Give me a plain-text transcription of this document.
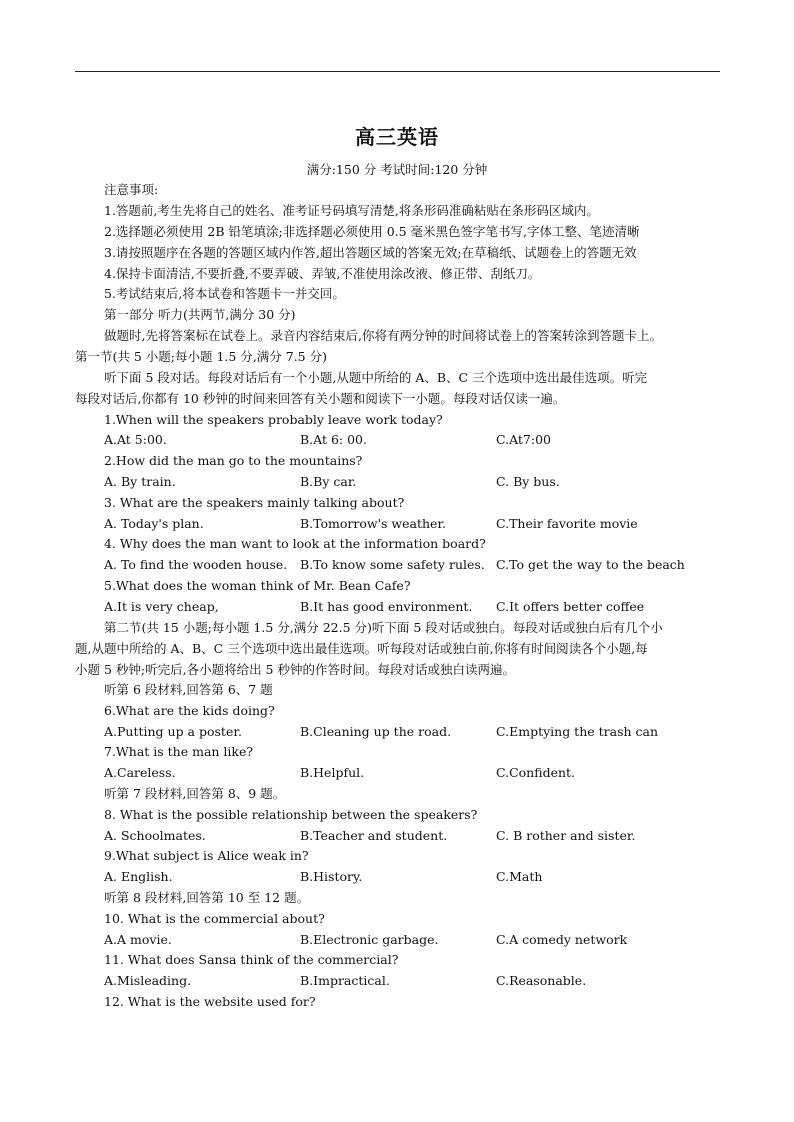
高三英语
满分:150 分 考试时间:120 分钟
注意事项:
1.答题前,考生先将自己的姓名、准考证号码填写清楚,将条形码准确粘贴在条形码区域内。
2.选择题必须使用 2B 铅笔填涂;非选择题必须使用 0.5 毫米黑色签字笔书写,字体工整、笔迹清晰
3.请按照题序在各题的答题区域内作答,超出答题区域的答案无效;在草稿纸、试题卷上的答题无效
4.保持卡面清洁,不要折叠,不要弄破、弄皱,不准使用涂改液、修正带、刮纸刀。
5.考试结束后,将本试卷和答题卡一并交回。
第一部分 听力(共两节,满分 30 分)
做题时,先将答案标在试卷上。录音内容结束后,你将有两分钟的时间将试卷上的答案转涂到答题卡上。
第一节(共 5 小题;每小题 1.5 分,满分 7.5 分)
听下面 5 段对话。每段对话后有一个小题,从题中所给的 A、B、C 三个选项中选出最佳选项。听完
每段对话后,你都有 10 秒钟的时间来回答有关小题和阅读下一小题。每段对话仅读一遍。
1.When will the speakers probably leave work today?
A.At 5:00.	B.At 6: 00.	C.At7:00
2.How did the man go to the mountains?
A. By train.	B.By car.	C. By bus.
3. What are the speakers mainly talking about?
A. Today's plan.	B.Tomorrow's weather.	C.Their favorite movie
4. Why does the man want to look at the information board?
A. To find the wooden house. B.To know some safety rules. C.To get the way to the beach
5.What does the woman think of Mr. Bean Cafe?
A.It is very cheap,	B.It has good environment. C.It offers better coffee
第二节(共 15 小题;每小题 1.5 分,满分 22.5 分)听下面 5 段对话或独白。每段对话或独白后有几个小
题,从题中所给的 A、B、C 三个选项中选出最佳选项。听每段对话或独白前,你将有时间阅读各个小题,每
小题 5 秒钟;听完后,各小题将给出 5 秒钟的作答时间。每段对话或独白读两遍。
听第 6 段材料,回答第 6、7 题
6.What are the kids doing?
A.Putting up a poster.	B.Cleaning up the road.	C.Emptying the trash can
7.What is the man like?
A.Careless.	B.Helpful.	C.Confident.
听第 7 段材料,回答第 8、9 题。
8. What is the possible relationship between the speakers?
A. Schoolmates.	B.Teacher and student.	C. B rother and sister.
9.What subject is Alice weak in?
A. English.	B.History.	C.Math
听第 8 段材料,回答第 10 至 12 题。
10. What is the commercial about?
A.A movie.	B.Electronic garbage.	C.A comedy network
11. What does Sansa think of the commercial?
A.Misleading.	B.Impractical.	C.Reasonable.
12. What is the website used for?
